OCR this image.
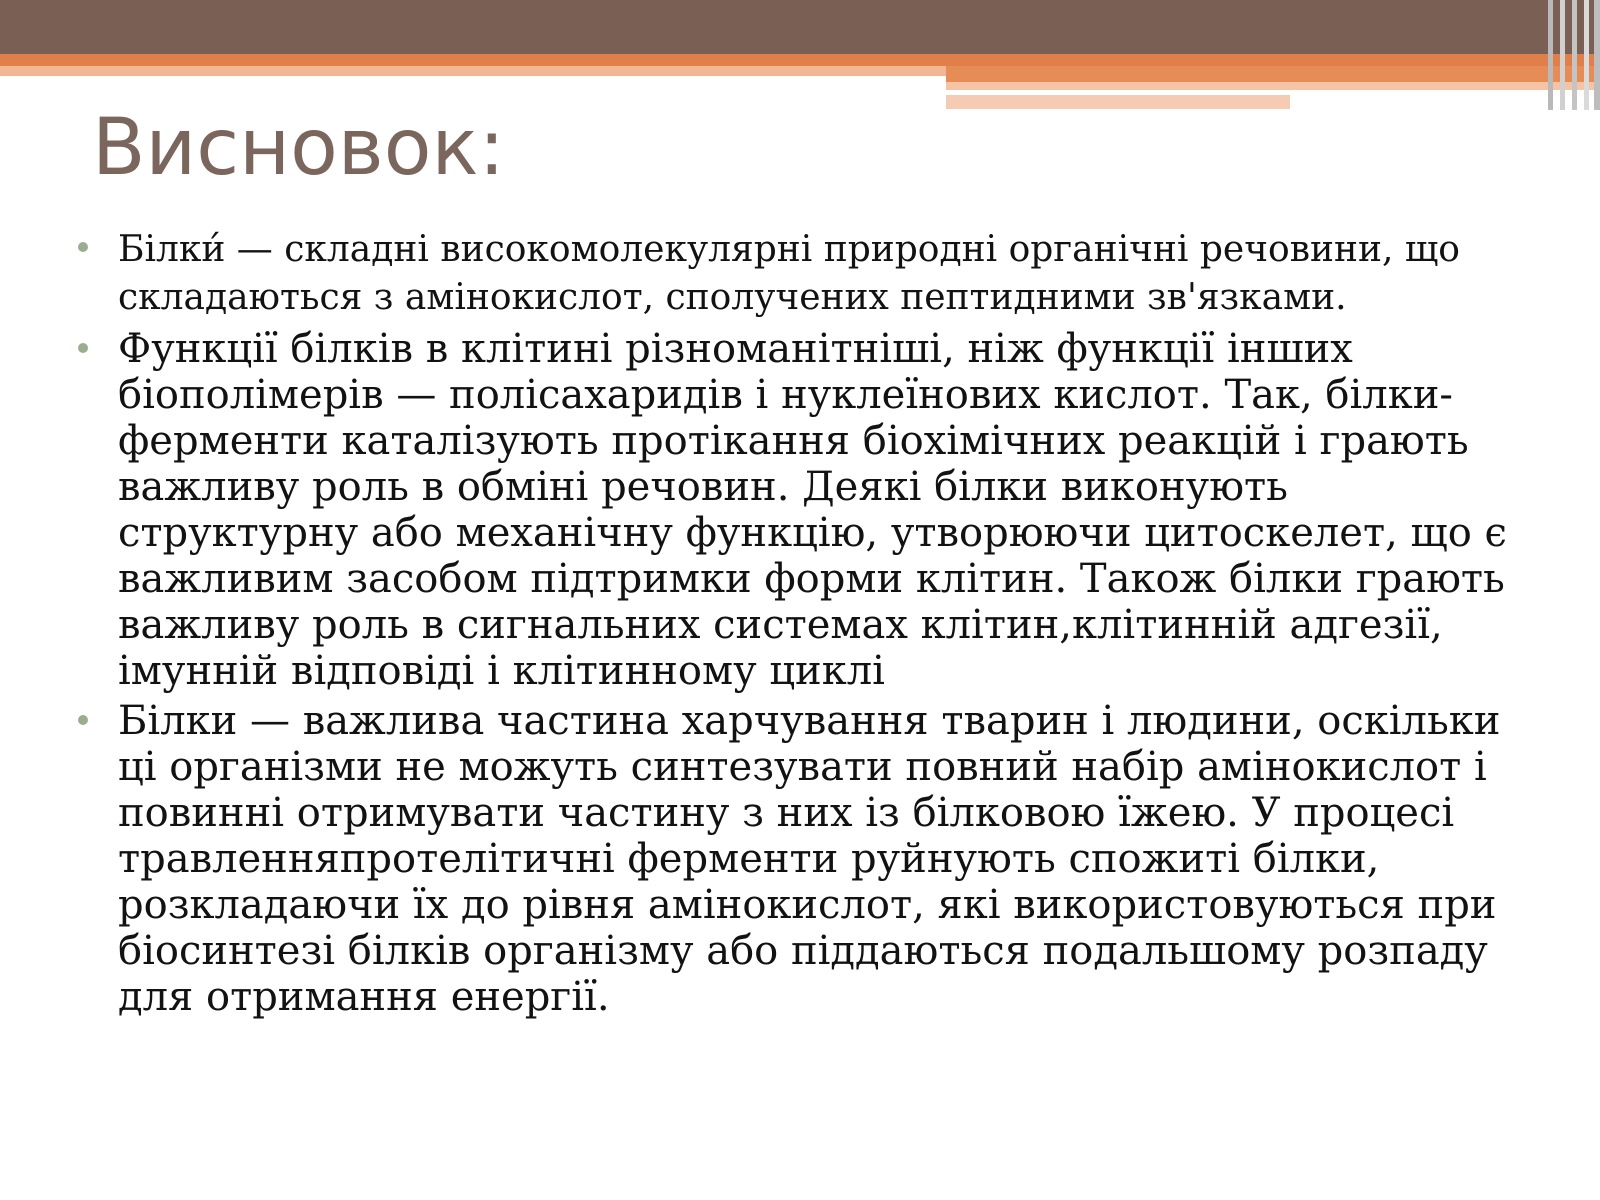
Висновок:
Білки́ — складні високомолекулярні природні органічні речовини, що складаються з амінокислот, сполучених пептидними зв'язками.
Функції білків в клітині різноманітніші, ніж функції інших біополімерів — полісахаридів і нуклеїнових кислот. Так, білки-ферменти каталізують протікання біохімічних реакцій і грають важливу роль в обміні речовин. Деякі білки виконують структурну або механічну функцію, утворюючи цитоскелет, що є важливим засобом підтримки форми клітин. Також білки грають важливу роль в сигнальних системах клітин,клітинній адгезії, імунній відповіді і клітинному циклі
Білки — важлива частина харчування тварин і людини, оскільки ці організми не можуть синтезувати повний набір амінокислот і повинні отримувати частину з них із білковою їжею. У процесі травленняпротелітичні ферменти руйнують спожиті білки, розкладаючи їх до рівня амінокислот, які використовуються при біосинтезі білків організму або піддаються подальшому розпаду для отримання енергії.
